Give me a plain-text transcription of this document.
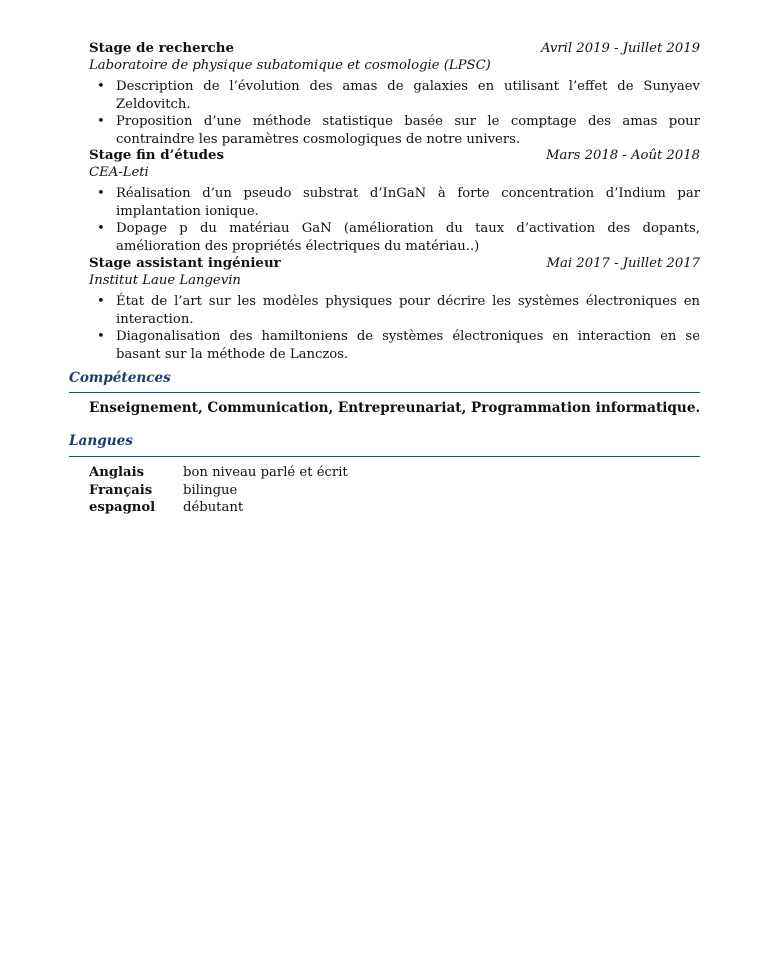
Stage de recherche	Avril 2019 - Juillet 2019
Laboratoire de physique subatomique et cosmologie (LPSC)
• Description de l’évolution des amas de galaxies en utilisant l’effet de Sunyaev Zeldovitch.
• Proposition d’une méthode statistique basée sur le comptage des amas pour contraindre les paramètres cosmologiques de notre univers.
Stage fin d’études	Mars 2018 - Août 2018
CEA-Leti
• Réalisation d’un pseudo substrat d’InGaN à forte concentration d’Indium par implantation ionique.
• Dopage p du matériau GaN (amélioration du taux d’activation des dopants, amélioration des propriétés électriques du matériau..)
Stage assistant ingénieur	Mai 2017 - Juillet 2017
Institut Laue Langevin
• État de l’art sur les modèles physiques pour décrire les systèmes électroniques en interaction.
• Diagonalisation des hamiltoniens de systèmes électroniques en interaction en se basant sur la méthode de Lanczos.
Compétences
Enseignement, Communication, Entrepreunariat, Programmation informatique.
Langues
Anglais	bon niveau parlé et écrit
Français	bilingue
espagnol	débutant
